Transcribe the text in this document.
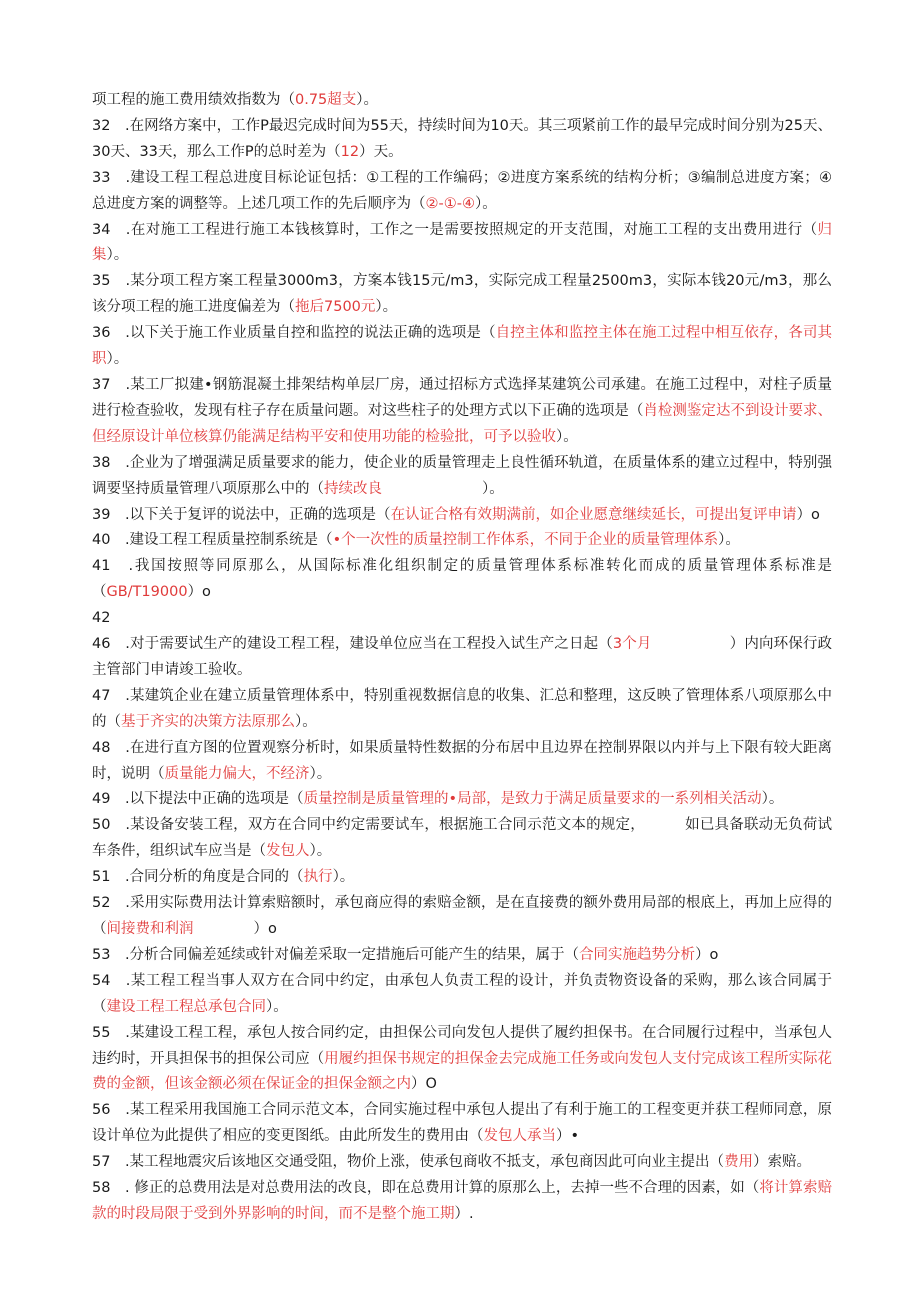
项工程的施工费用绩效指数为（0.75超支）。

32　.在网络方案中，工作P最迟完成时间为55天，持续时间为10天。其三项紧前工作的最早完成时间分别为25天、30天、33天，那么工作P的总时差为（12）天。

33　.建设工程工程总进度目标论证包括：①工程的工作编码；②进度方案系统的结构分析；③编制总进度方案；④总进度方案的调整等。上述几项工作的先后顺序为（②-①-④）。

34　.在对施工工程进行施工本钱核算时，工作之一是需要按照规定的开支范围，对施工工程的支出费用进行（归集）。

35　.某分项工程方案工程量3000m3，方案本钱15元/m3，实际完成工程量2500m3，实际本钱20元/m3，那么该分项工程的施工进度偏差为（拖后7500元）。

36　.以下关于施工作业质量自控和监控的说法正确的选项是（自控主体和监控主体在施工过程中相互依存，各司其职）。

37　.某工厂拟建•钢筋混凝土排架结构单层厂房，通过招标方式选择某建筑公司承建。在施工过程中，对柱子质量进行检查验收，发现有柱子存在质量问题。对这些柱子的处理方式以下正确的选项是（肖检测鉴定达不到设计要求、但经原设计单位核算仍能满足结构平安和使用功能的检验批，可予以验收）。

38　.企业为了增强满足质量要求的能力，使企业的质量管理走上良性循环轨道，在质量体系的建立过程中，特别强调要坚持质量管理八项原那么中的（持续改良	）。

39　.以下关于复评的说法中，正确的选项是（在认证合格有效期满前，如企业愿意继续延长，可提出复评申请）o

40　.建设工程工程质量控制系统是（•个一次性的质量控制工作体系，不同于企业的质量管理体系）。

41　.我国按照等同原那么，从国际标准化组织制定的质量管理体系标准转化而成的质量管理体系标准是（GB/T19000）o

42

46　.对于需要试生产的建设工程工程，建设单位应当在工程投入试生产之日起（3个月	）内向环保行政主管部门申请竣工验收。

47　.某建筑企业在建立质量管理体系中，特别重视数据信息的收集、汇总和整理，这反映了管理体系八项原那么中的（基于齐实的决策方法原那么）。

48　.在进行直方图的位置观察分析时，如果质量特性数据的分布居中且边界在控制界限以内并与上下限有较大距离时，说明（质量能力偏大，不经济）。

49　.以下提法中正确的选项是（质量控制是质量管理的•局部，是致力于满足质量要求的一系列相关活动）。

50　.某设备安装工程，双方在合同中约定需要试车，根据施工合同示范文本的规定，	如已具备联动无负荷试车条件，组织试车应当是（发包人）。

51　.合同分析的角度是合同的（执行）。

52　.采用实际费用法计算索赔额时，承包商应得的索赔金额，是在直接费的额外费用局部的根底上，再加上应得的（间接费和利润	）o

53　.分析合同偏差延续或针对偏差采取一定措施后可能产生的结果，属于（合同实施趋势分析）o

54　.某工程工程当事人双方在合同中约定，由承包人负责工程的设计，并负责物资设备的采购，那么该合同属于（建设工程工程总承包合同）。

55　.某建设工程工程，承包人按合同约定，由担保公司向发包人提供了履约担保书。在合同履行过程中，当承包人违约时，开具担保书的担保公司应（用履约担保书规定的担保金去完成施工任务或向发包人支付完成该工程所实际花费的金额，但该金额必须在保证金的担保金额之内）O

56　.某工程采用我国施工合同示范文本，合同实施过程中承包人提出了有利于施工的工程变更并获工程师同意，原设计单位为此提供了相应的变更图纸。由此所发生的费用由（发包人承当）•

57　.某工程地震灾后该地区交通受阻，物价上涨，使承包商收不抵支，承包商因此可向业主提出（费用）索赔。

58　. 修正的总费用法是对总费用法的改良，即在总费用计算的原那么上，去掉一些不合理的因素，如（将计算索赔款的时段局限于受到外界影响的时间，而不是整个施工期）.
